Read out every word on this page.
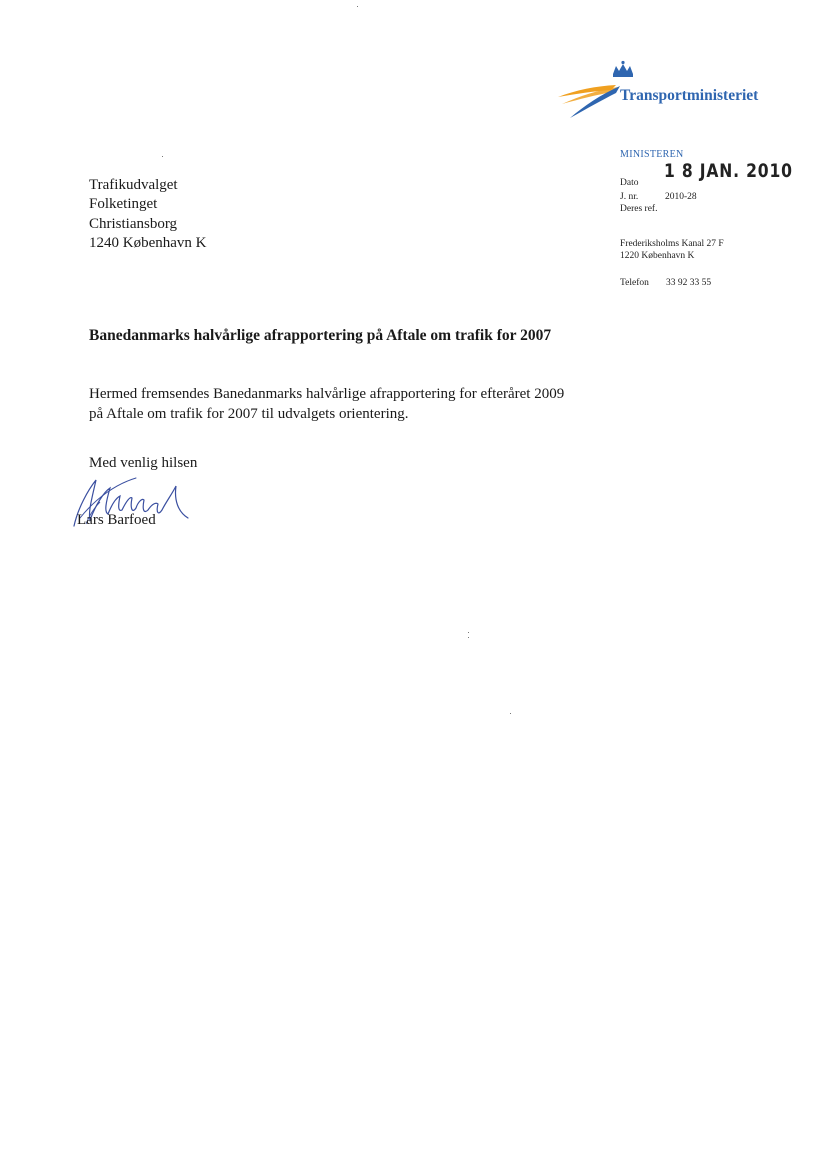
Transportministeriet
Trafikudvalget
Folketinget
Christiansborg
1240 København K
MINISTEREN
1 8 JAN. 2010
Dato
J. nr.	2010-28
Deres ref.
Frederiksholms Kanal 27 F
1220 København K
Telefon 33 92 33 55
Banedanmarks halvårlige afrapportering på Aftale om trafik for 2007
Hermed fremsendes Banedanmarks halvårlige afrapportering for efteråret 2009 på Aftale om trafik for 2007 til udvalgets orientering.
Med venlig hilsen
Lars Barfoed
